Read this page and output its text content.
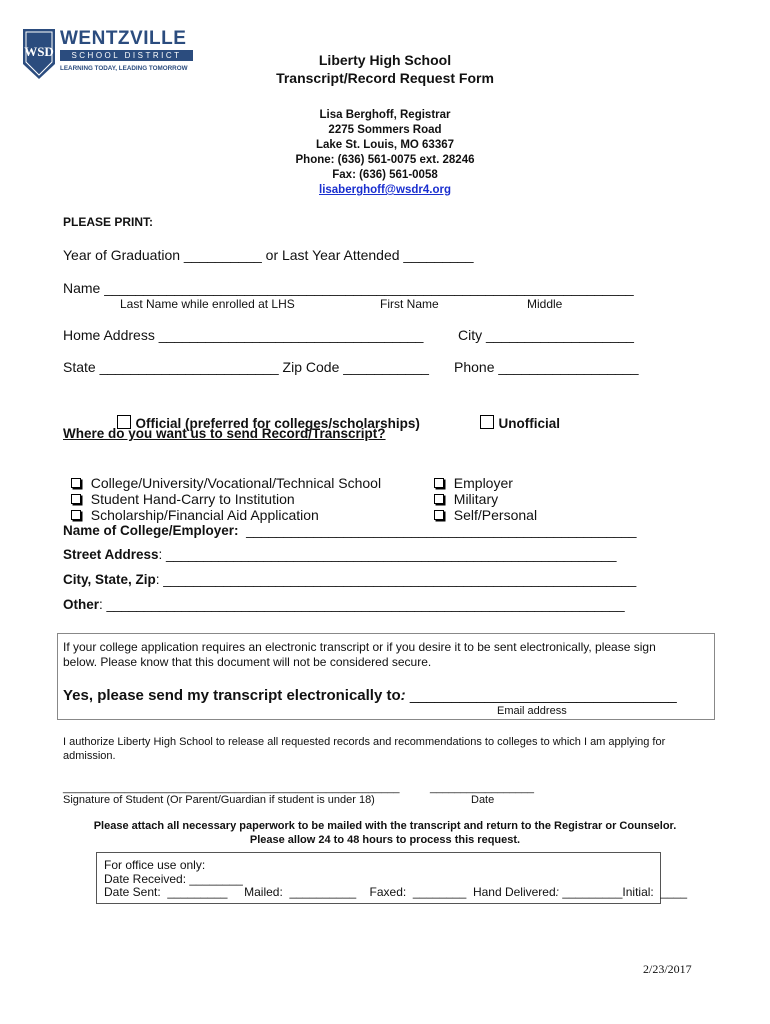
WSD
WENTZVILLE
SCHOOL DISTRICT
LEARNING TODAY, LEADING TOMORROW
Liberty High School
Transcript/Record Request Form
Lisa Berghoff, Registrar
2275 Sommers Road
Lake St. Louis, MO 63367
Phone: (636) 561-0075 ext. 28246
Fax: (636) 561-0058
lisaberghoff@wsdr4.org
PLEASE PRINT:
Year of Graduation __________ or Last Year Attended _________
Name ____________________________________________________________________
Last Name while enrolled at LHS	First Name	Middle
Home Address __________________________________ City ___________________
State _______________________ Zip Code ___________ Phone __________________

Official (preferred for colleges/scholarships)	Unofficial

Where do you want us to send Record/Transcript?

College/University/Vocational/Technical School

Student Hand-Carry to Institution

Scholarship/Financial Aid Application

Employer

Military

Self/Personal

Name of College/Employer: ____________________________________________________
Street Address: ____________________________________________________________
City, State, Zip: _______________________________________________________________
Other: _____________________________________________________________________
If your college application requires an electronic transcript or if you desire it to be sent electronically, please sign
below. Please know that this document will not be considered secure.
Yes, please send my transcript electronically to: ________________________________
Email address
I authorize Liberty High School to release all requested records and recommendations to colleges to which I am applying for
admission.
_______________________________________________________	_________________
Signature of Student (Or Parent/Guardian if student is under 18)	Date
Please attach all necessary paperwork to be mailed with the transcript and return to the Registrar or Counselor.
Please allow 24 to 48 hours to process this request.
For office use only:
Date Received: ________
Date Sent:  _________     Mailed:  __________    Faxed:  ________  Hand Delivered: _________Initial:  ____
2/23/2017
